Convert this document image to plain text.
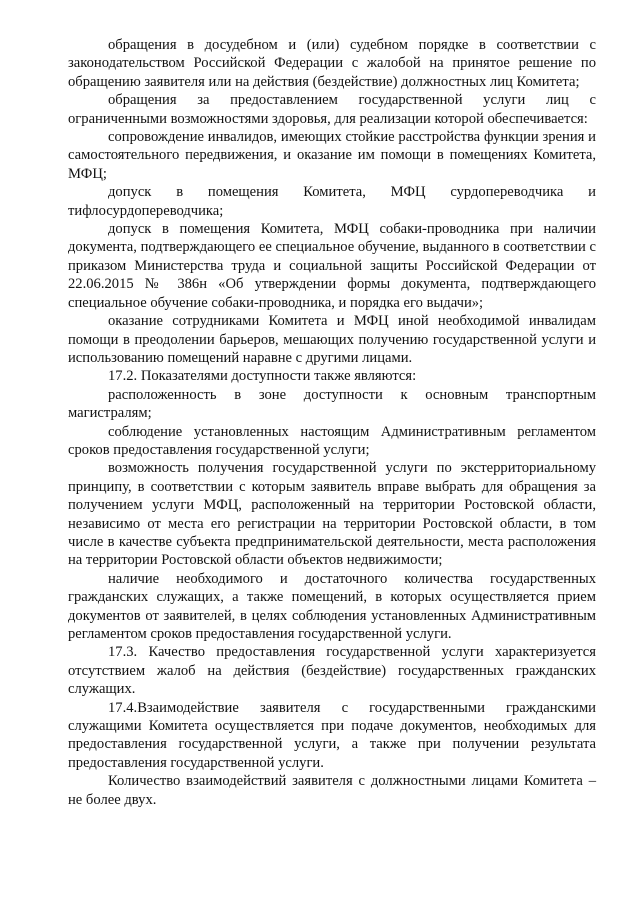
обращения в досудебном и (или) судебном порядке в соответствии с законодательством Российской Федерации с жалобой на принятое решение по обращению заявителя или на действия (бездействие) должностных лиц Комитета;

обращения за предоставлением государственной услуги лиц с ограниченными возможностями здоровья, для реализации которой обеспечивается:

сопровождение инвалидов, имеющих стойкие расстройства функции зрения и самостоятельного передвижения, и оказание им помощи в помещениях Комитета, МФЦ;

допуск в помещения Комитета, МФЦ сурдопереводчика и тифлосурдопереводчика;

допуск в помещения Комитета, МФЦ собаки-проводника при наличии документа, подтверждающего ее специальное обучение, выданного в соответствии с приказом Министерства труда и социальной защиты Российской Федерации от 22.06.2015 № 386н «Об утверждении формы документа, подтверждающего специальное обучение собаки-проводника, и порядка его выдачи»;

оказание сотрудниками Комитета и МФЦ иной необходимой инвалидам помощи в преодолении барьеров, мешающих получению государственной услуги и использованию помещений наравне с другими лицами.

17.2. Показателями доступности также являются:

расположенность в зоне доступности к основным транспортным магистралям;

соблюдение установленных настоящим Административным регламентом сроков предоставления государственной услуги;

возможность получения государственной услуги по экстерриториальному принципу, в соответствии с которым заявитель вправе выбрать для обращения за получением услуги МФЦ, расположенный на территории Ростовской области, независимо от места его регистрации на территории Ростовской области, в том числе в качестве субъекта предпринимательской деятельности, места расположения на территории Ростовской области объектов недвижимости;

наличие необходимого и достаточного количества государственных гражданских служащих, а также помещений, в которых осуществляется прием документов от заявителей, в целях соблюдения установленных Административным регламентом сроков предоставления государственной услуги.

17.3. Качество предоставления государственной услуги характеризуется отсутствием жалоб на действия (бездействие) государственных гражданских служащих.

17.4.Взаимодействие заявителя с государственными гражданскими служащими Комитета осуществляется при подаче документов, необходимых для предоставления государственной услуги, а также при получении результата предоставления государственной услуги.

Количество взаимодействий заявителя с должностными лицами Комитета – не более двух.
